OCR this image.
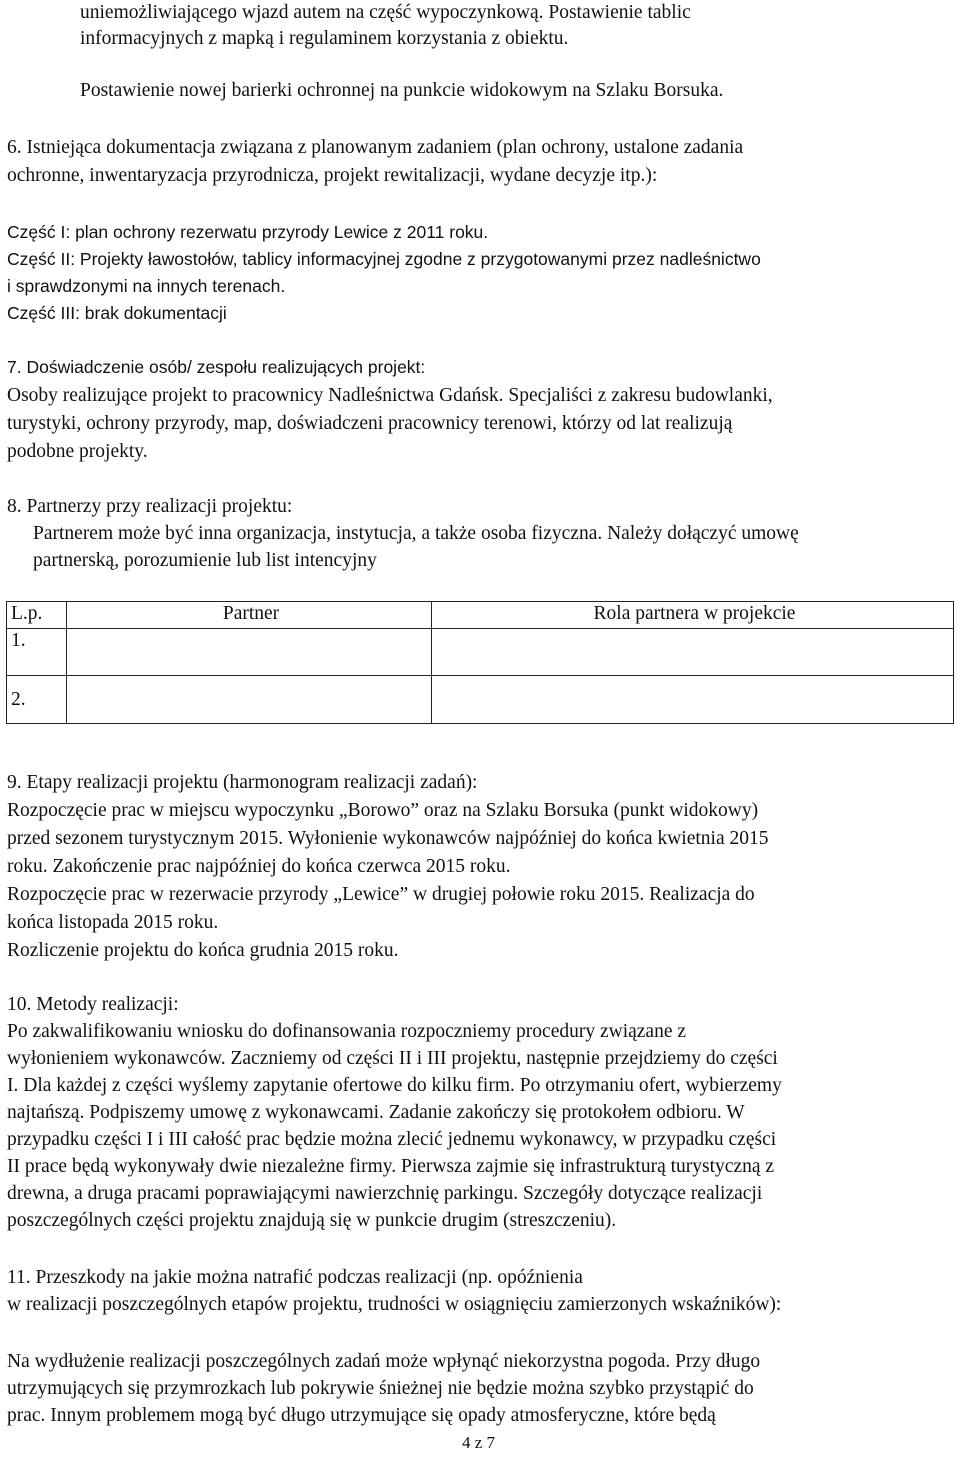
uniemożliwiającego wjazd autem na część wypoczynkową. Postawienie tablic
informacyjnych z mapką i regulaminem korzystania z obiektu.
Postawienie nowej barierki ochronnej na punkcie widokowym na Szlaku Borsuka.
6. Istniejąca dokumentacja związana z planowanym zadaniem (plan ochrony, ustalone zadania
ochronne, inwentaryzacja przyrodnicza, projekt rewitalizacji, wydane decyzje itp.):
Część I: plan ochrony rezerwatu przyrody Lewice z 2011 roku.
Część II: Projekty ławostołów, tablicy informacyjnej zgodne z przygotowanymi przez nadleśnictwo
i sprawdzonymi na innych terenach.
Część III: brak dokumentacji
7. Doświadczenie osób/ zespołu realizujących projekt:
Osoby realizujące projekt to pracownicy Nadleśnictwa Gdańsk. Specjaliści z zakresu budowlanki,
turystyki, ochrony przyrody, map, doświadczeni pracownicy terenowi, którzy od lat realizują
podobne projekty.
8. Partnerzy przy realizacji projektu:
Partnerem może być inna organizacja, instytucja, a także osoba fizyczna. Należy dołączyć umowę
partnerską, porozumienie lub list intencyjny
L.p.	Partner	Rola partnera w projekcie
1.		
2.		
9. Etapy realizacji projektu (harmonogram realizacji zadań):
Rozpoczęcie prac w miejscu wypoczynku „Borowo” oraz na Szlaku Borsuka (punkt widokowy)
przed sezonem turystycznym 2015. Wyłonienie wykonawców najpóźniej do końca kwietnia 2015
roku. Zakończenie prac najpóźniej do końca czerwca 2015 roku.
Rozpoczęcie prac w rezerwacie przyrody „Lewice” w drugiej połowie roku 2015. Realizacja do
końca listopada 2015 roku.
Rozliczenie projektu do końca grudnia 2015 roku.
10. Metody realizacji:
Po zakwalifikowaniu wniosku do dofinansowania rozpoczniemy procedury związane z
wyłonieniem wykonawców. Zaczniemy od części II i III projektu, następnie przejdziemy do części
I. Dla każdej z części wyślemy zapytanie ofertowe do kilku firm. Po otrzymaniu ofert, wybierzemy
najtańszą. Podpiszemy umowę z wykonawcami. Zadanie zakończy się protokołem odbioru. W
przypadku części I i III całość prac będzie można zlecić jednemu wykonawcy, w przypadku części
II prace będą wykonywały dwie niezależne firmy. Pierwsza zajmie się infrastrukturą turystyczną z
drewna, a druga pracami poprawiającymi nawierzchnię parkingu. Szczegóły dotyczące realizacji
poszczególnych części projektu znajdują się w punkcie drugim (streszczeniu).
11. Przeszkody na jakie można natrafić podczas realizacji (np. opóźnienia
w realizacji poszczególnych etapów projektu, trudności w osiągnięciu zamierzonych wskaźników):
Na wydłużenie realizacji poszczególnych zadań może wpłynąć niekorzystna pogoda. Przy długo
utrzymujących się przymrozkach lub pokrywie śnieżnej nie będzie można szybko przystąpić do
prac. Innym problemem mogą być długo utrzymujące się opady atmosferyczne, które będą
4 z 7
